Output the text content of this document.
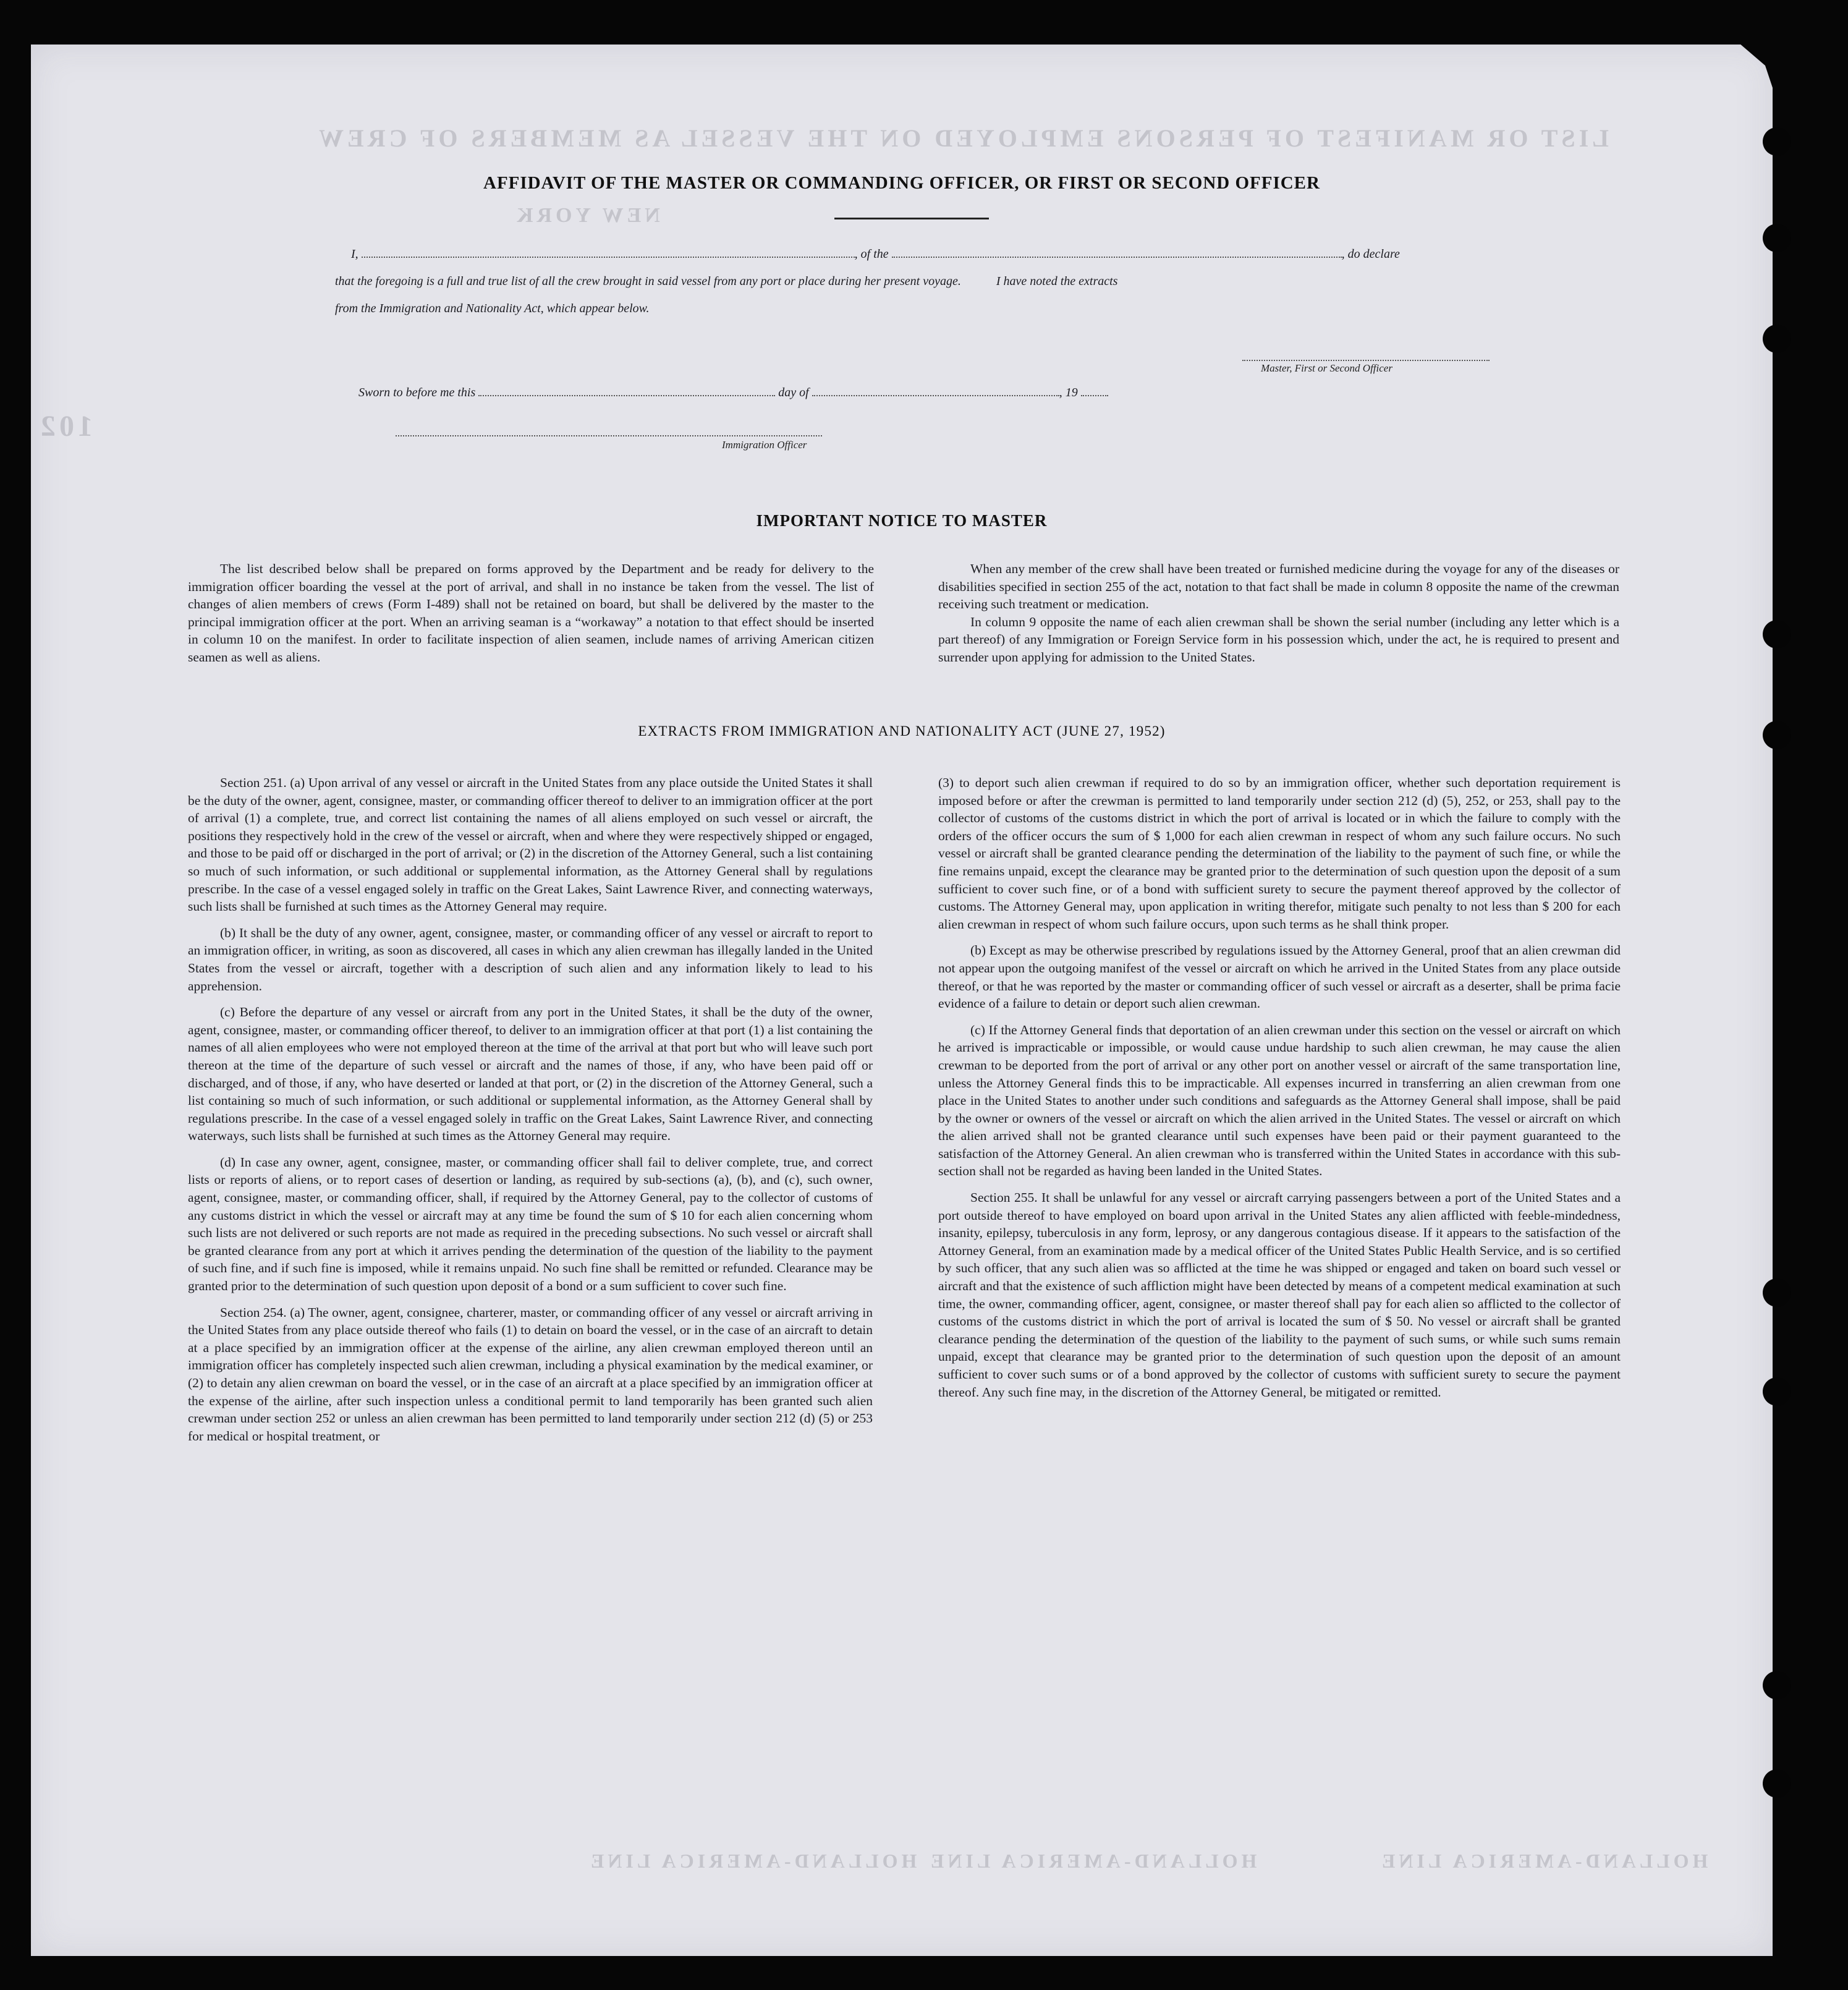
LIST OR MANIFEST OF PERSONS EMPLOYED ON THE VESSEL AS MEMBERS OF CREW
NEW YORK
102
HOLLAND-AMERICA LINE HOLLAND-AMERICA LINE	HOLLAND-AMERICA LINE
AFFIDAVIT OF THE MASTER OR COMMANDING OFFICER, OR FIRST OR SECOND OFFICER
I,	, of the	, do declare
that the foregoing is a full and true list of all the crew brought in said vessel from any port or place during her present voyage.	I have noted the extracts
from the Immigration and Nationality Act, which appear below.
Master, First or Second Officer
Sworn to before me this	day of	, 19
Immigration Officer
IMPORTANT NOTICE TO MASTER

The list described below shall be prepared on forms approved by the Department and be ready for delivery to the immigration officer boarding the vessel at the port of arrival, and shall in no instance be taken from the vessel. The list of changes of alien members of crews (Form I-489) shall not be retained on board, but shall be delivered by the master to the principal immigration officer at the port. When an arriving seaman is a “workaway” a notation to that effect should be inserted in column 10 on the manifest. In order to facilitate inspection of alien seamen, include names of arriving American citizen seamen as well as aliens.

When any member of the crew shall have been treated or furnished medicine during the voyage for any of the diseases or disabilities specified in section 255 of the act, notation to that fact shall be made in column 8 opposite the name of the crewman receiving such treatment or medication.

In column 9 opposite the name of each alien crewman shall be shown the serial number (including any letter which is a part thereof) of any Immigration or Foreign Service form in his possession which, under the act, he is required to present and surrender upon applying for admission to the United States.

EXTRACTS FROM IMMIGRATION AND NATIONALITY ACT (JUNE 27, 1952)

Section 251. (a) Upon arrival of any vessel or aircraft in the United States from any place outside the United States it shall be the duty of the owner, agent, consignee, master, or commanding officer thereof to deliver to an immigration officer at the port of arrival (1) a complete, true, and correct list containing the names of all aliens employed on such vessel or aircraft, the positions they respectively hold in the crew of the vessel or aircraft, when and where they were respectively shipped or engaged, and those to be paid off or discharged in the port of arrival; or (2) in the discretion of the Attorney General, such a list containing so much of such information, or such additional or supplemental information, as the Attorney General shall by regulations prescribe. In the case of a vessel engaged solely in traffic on the Great Lakes, Saint Lawrence River, and connecting waterways, such lists shall be furnished at such times as the Attorney General may require.

(b) It shall be the duty of any owner, agent, consignee, master, or commanding officer of any vessel or aircraft to report to an immigration officer, in writing, as soon as discovered, all cases in which any alien crewman has illegally landed in the United States from the vessel or aircraft, together with a description of such alien and any information likely to lead to his apprehension.

(c) Before the departure of any vessel or aircraft from any port in the United States, it shall be the duty of the owner, agent, consignee, master, or commanding officer thereof, to deliver to an immigration officer at that port (1) a list containing the names of all alien employees who were not employed thereon at the time of the arrival at that port but who will leave such port thereon at the time of the departure of such vessel or aircraft and the names of those, if any, who have been paid off or discharged, and of those, if any, who have deserted or landed at that port, or (2) in the discretion of the Attorney General, such a list containing so much of such information, or such additional or supplemental information, as the Attorney General shall by regulations prescribe. In the case of a vessel engaged solely in traffic on the Great Lakes, Saint Lawrence River, and connecting waterways, such lists shall be furnished at such times as the Attorney General may require.

(d) In case any owner, agent, consignee, master, or commanding officer shall fail to deliver complete, true, and correct lists or reports of aliens, or to report cases of desertion or landing, as required by sub-sections (a), (b), and (c), such owner, agent, consignee, master, or commanding officer, shall, if required by the Attorney General, pay to the collector of customs of any customs district in which the vessel or aircraft may at any time be found the sum of $ 10 for each alien concerning whom such lists are not delivered or such reports are not made as required in the preceding subsections. No such vessel or aircraft shall be granted clearance from any port at which it arrives pending the determination of the question of the liability to the payment of such fine, and if such fine is imposed, while it remains unpaid. No such fine shall be remitted or refunded. Clearance may be granted prior to the determination of such question upon deposit of a bond or a sum sufficient to cover such fine.

Section 254. (a) The owner, agent, consignee, charterer, master, or commanding officer of any vessel or aircraft arriving in the United States from any place outside thereof who fails (1) to detain on board the vessel, or in the case of an aircraft to detain at a place specified by an immigration officer at the expense of the airline, any alien crewman employed thereon until an immigration officer has completely inspected such alien crewman, including a physical examination by the medical examiner, or (2) to detain any alien crewman on board the vessel, or in the case of an aircraft at a place specified by an immigration officer at the expense of the airline, after such inspection unless a conditional permit to land temporarily has been granted such alien crewman under section 252 or unless an alien crewman has been permitted to land temporarily under section 212 (d) (5) or 253 for medical or hospital treatment, or

(3) to deport such alien crewman if required to do so by an immigration officer, whether such deportation requirement is imposed before or after the crewman is permitted to land temporarily under section 212 (d) (5), 252, or 253, shall pay to the collector of customs of the customs district in which the port of arrival is located or in which the failure to comply with the orders of the officer occurs the sum of $ 1,000 for each alien crewman in respect of whom any such failure occurs. No such vessel or aircraft shall be granted clearance pending the determination of the liability to the payment of such fine, or while the fine remains unpaid, except the clearance may be granted prior to the determination of such question upon the deposit of a sum sufficient to cover such fine, or of a bond with sufficient surety to secure the payment thereof approved by the collector of customs. The Attorney General may, upon application in writing therefor, mitigate such penalty to not less than $ 200 for each alien crewman in respect of whom such failure occurs, upon such terms as he shall think proper.

(b) Except as may be otherwise prescribed by regulations issued by the Attorney General, proof that an alien crewman did not appear upon the outgoing manifest of the vessel or aircraft on which he arrived in the United States from any place outside thereof, or that he was reported by the master or commanding officer of such vessel or aircraft as a deserter, shall be prima facie evidence of a failure to detain or deport such alien crewman.

(c) If the Attorney General finds that deportation of an alien crewman under this section on the vessel or aircraft on which he arrived is impracticable or impossible, or would cause undue hardship to such alien crewman, he may cause the alien crewman to be deported from the port of arrival or any other port on another vessel or aircraft of the same transportation line, unless the Attorney General finds this to be impracticable. All expenses incurred in transferring an alien crewman from one place in the United States to another under such conditions and safeguards as the Attorney General shall impose, shall be paid by the owner or owners of the vessel or aircraft on which the alien arrived in the United States. The vessel or aircraft on which the alien arrived shall not be granted clearance until such expenses have been paid or their payment guaranteed to the satisfaction of the Attorney General. An alien crewman who is transferred within the United States in accordance with this sub-section shall not be regarded as having been landed in the United States.

Section 255. It shall be unlawful for any vessel or aircraft carrying passengers between a port of the United States and a port outside thereof to have employed on board upon arrival in the United States any alien afflicted with feeble-mindedness, insanity, epilepsy, tuberculosis in any form, leprosy, or any dangerous contagious disease. If it appears to the satisfaction of the Attorney General, from an examination made by a medical officer of the United States Public Health Service, and is so certified by such officer, that any such alien was so afflicted at the time he was shipped or engaged and taken on board such vessel or aircraft and that the existence of such affliction might have been detected by means of a competent medical examination at such time, the owner, commanding officer, agent, consignee, or master thereof shall pay for each alien so afflicted to the collector of customs of the customs district in which the port of arrival is located the sum of $ 50. No vessel or aircraft shall be granted clearance pending the determination of the question of the liability to the payment of such sums, or while such sums remain unpaid, except that clearance may be granted prior to the determination of such question upon the deposit of an amount sufficient to cover such sums or of a bond approved by the collector of customs with sufficient surety to secure the payment thereof. Any such fine may, in the discretion of the Attorney General, be mitigated or remitted.
